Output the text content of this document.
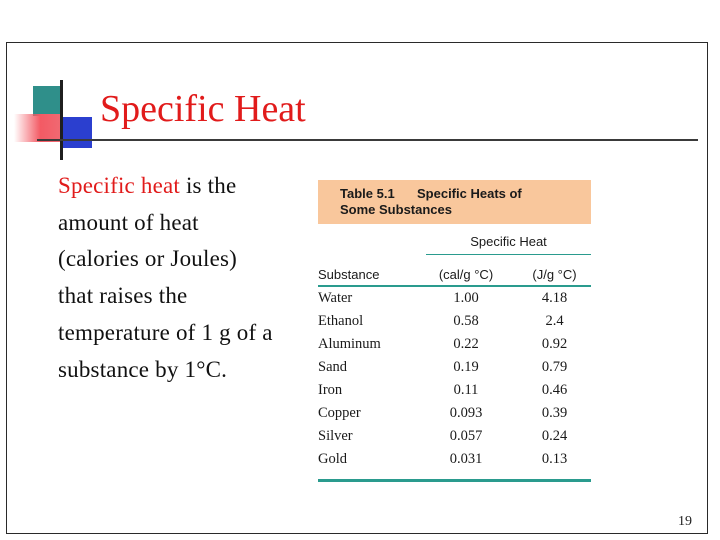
Specific Heat
Specific heat is the amount of heat (calories or Joules) that raises the temperature of 1 g of a substance by 1°C.
Table 5.1 Specific Heats of
Some Substances
Specific Heat
Substance	(cal/g °C)	(J/g °C)
Water	1.00	4.18
Ethanol	0.58	2.4
Aluminum	0.22	0.92
Sand	0.19	0.79
Iron	0.11	0.46
Copper	0.093	0.39
Silver	0.057	0.24
Gold	0.031	0.13
19
